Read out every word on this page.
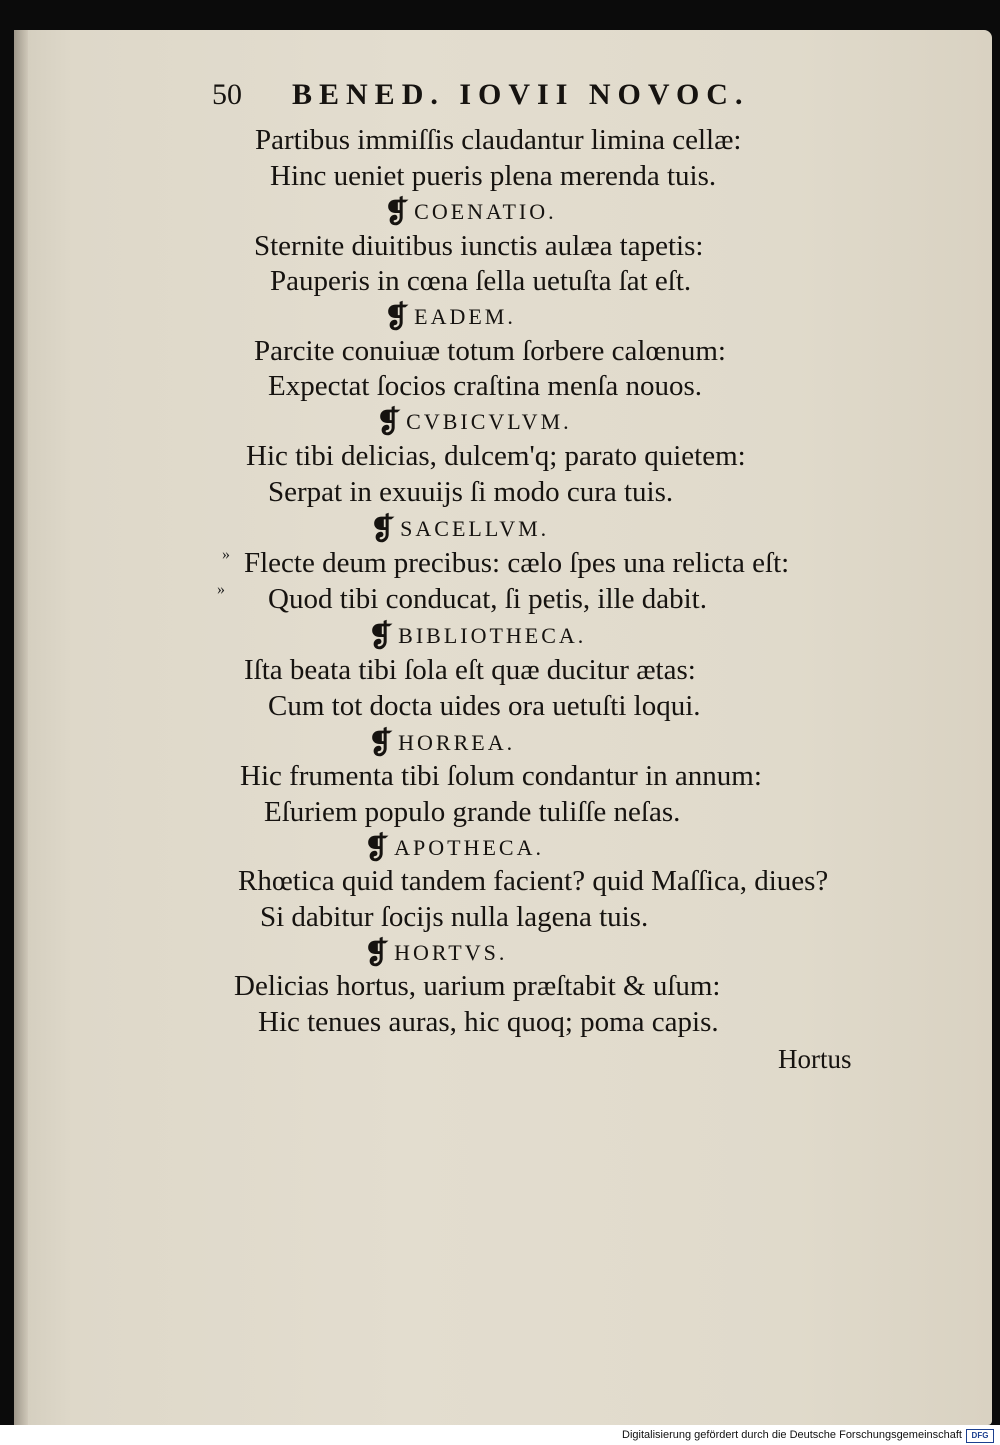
50 BENED. IOVII NOVOC.
Partibus immiſſis claudantur limina cellæ:
Hinc ueniet pueris plena merenda tuis.
❡COENATIO.
Sternite diuitibus iunctis aulæa tapetis:
Pauperis in cœna ſella uetuſta ſat eſt.
❡EADEM.
Parcite conuiuæ totum ſorbere calœnum:
Expectat ſocios craſtina menſa nouos.
❡CVBICVLVM.
Hic tibi delicias, dulcem'q; parato quietem:
Serpat in exuuijs ſi modo cura tuis.
❡SACELLVM.
» Flecte deum precibus: cælo ſpes una relicta eſt:
» Quod tibi conducat, ſi petis, ille dabit.
❡BIBLIOTHECA.
Iſta beata tibi ſola eſt quæ ducitur ætas:
Cum tot docta uides ora uetuſti loqui.
❡HORREA.
Hic frumenta tibi ſolum condantur in annum:
Eſuriem populo grande tuliſſe neſas.
❡APOTHECA.
Rhœtica quid tandem facient? quid Maſſica, diues?
Si dabitur ſocijs nulla lagena tuis.
❡HORTVS.
Delicias hortus, uarium præſtabit & uſum:
Hic tenues auras, hic quoq; poma capis.
Hortus
Digitalisierung gefördert durch die Deutsche Forschungsgemeinschaft	DFG
